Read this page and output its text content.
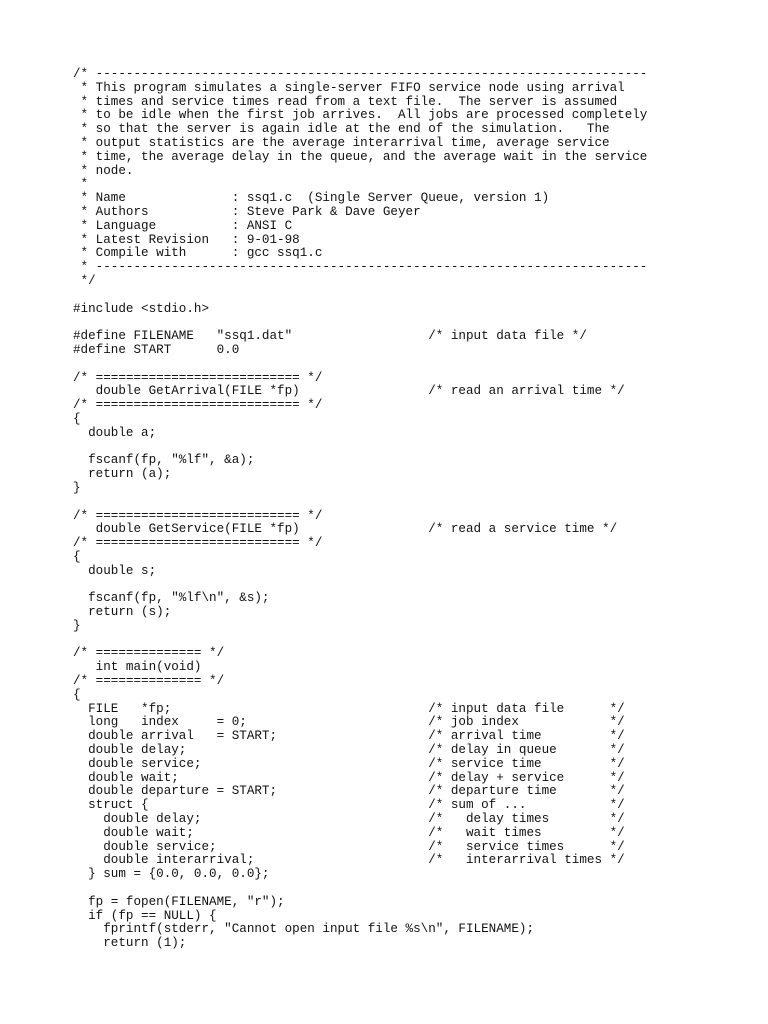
/* -------------------------------------------------------------------------
* This program simulates a single-server FIFO service node using arrival
* times and service times read from a text file.  The server is assumed
* to be idle when the first job arrives.  All jobs are processed completely
* so that the server is again idle at the end of the simulation.   The
* output statistics are the average interarrival time, average service
* time, the average delay in the queue, and the average wait in the service
* node.
*
* Name              : ssq1.c  (Single Server Queue, version 1)
* Authors           : Steve Park & Dave Geyer
* Language          : ANSI C
* Latest Revision   : 9-01-98
* Compile with      : gcc ssq1.c
* -------------------------------------------------------------------------
*/

#include <stdio.h>

#define FILENAME   "ssq1.dat"                  /* input data file */
#define START      0.0

/* =========================== */
double GetArrival(FILE *fp)                 /* read an arrival time */
/* =========================== */
{
double a;

fscanf(fp, "%lf", &a);
return (a);
}

/* =========================== */
double GetService(FILE *fp)                 /* read a service time */
/* =========================== */
{
double s;

fscanf(fp, "%lf\n", &s);
return (s);
}

/* ============== */
int main(void)
/* ============== */
{
FILE   *fp;                                  /* input data file      */
long   index     = 0;                        /* job index            */
double arrival   = START;                    /* arrival time         */
double delay;                                /* delay in queue       */
double service;                              /* service time         */
double wait;                                 /* delay + service      */
double departure = START;                    /* departure time       */
struct {                                     /* sum of ...           */
double delay;                              /*   delay times        */
double wait;                               /*   wait times         */
double service;                            /*   service times      */
double interarrival;                       /*   interarrival times */
} sum = {0.0, 0.0, 0.0};

fp = fopen(FILENAME, "r");
if (fp == NULL) {
fprintf(stderr, "Cannot open input file %s\n", FILENAME);
return (1);
